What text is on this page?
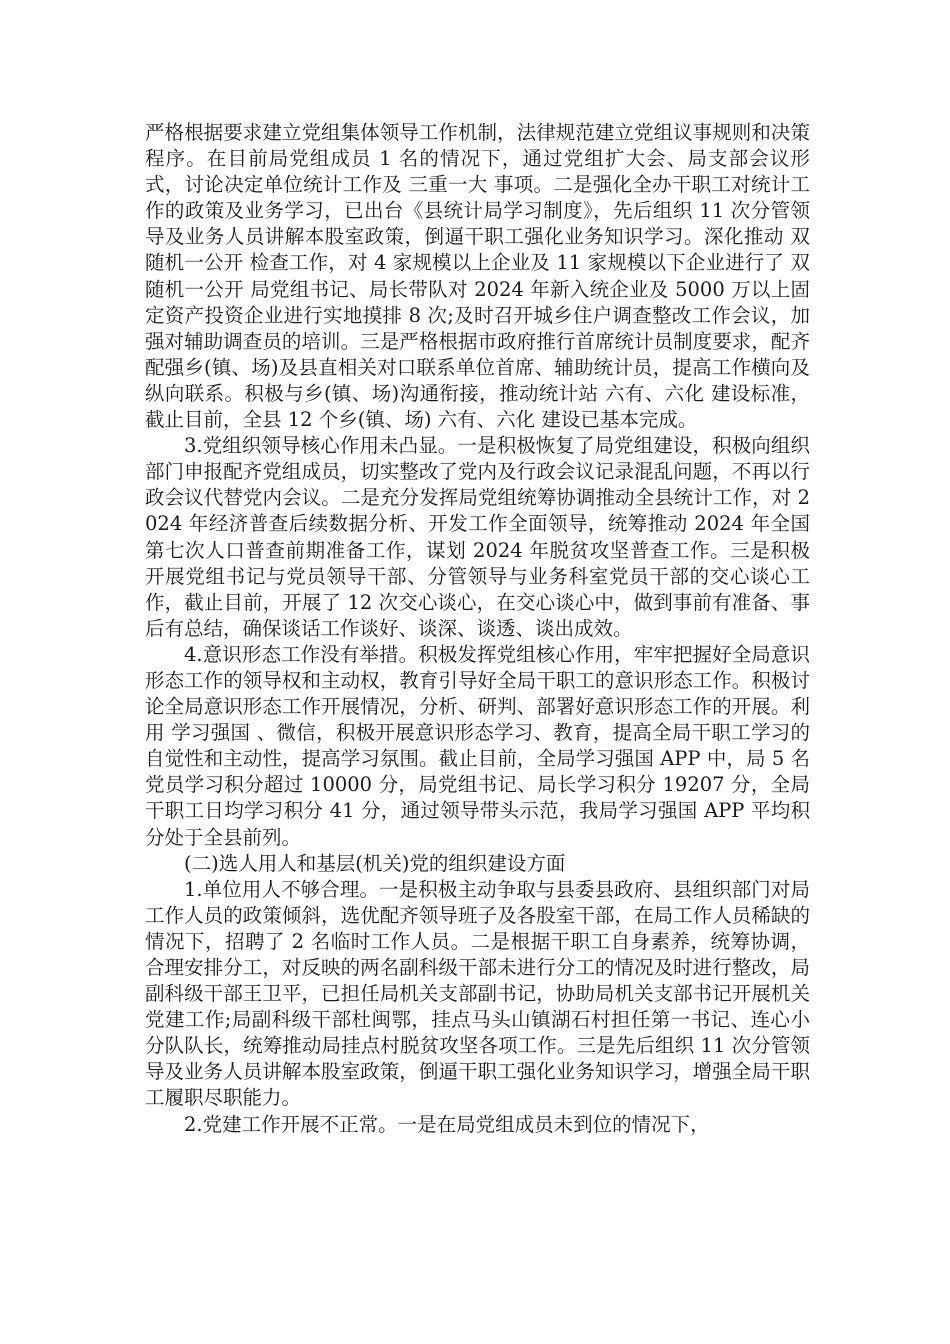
严格根据要求建立党组集体领导工作机制，法律规范建立党组议事规则和决策程序。在目前局党组成员 1 名的情况下，通过党组扩大会、局支部会议形式，讨论决定单位统计工作及 三重一大 事项。二是强化全办干职工对统计工作的政策及业务学习，已出台《县统计局学习制度》，先后组织 11 次分管领导及业务人员讲解本股室政策，倒逼干职工强化业务知识学习。深化推动 双随机一公开 检查工作，对 4 家规模以上企业及 11 家规模以下企业进行了 双随机一公开 局党组书记、局长带队对 2024 年新入统企业及 5000 万以上固定资产投资企业进行实地摸排 8 次;及时召开城乡住户调查整改工作会议，加强对辅助调查员的培训。三是严格根据市政府推行首席统计员制度要求，配齐配强乡(镇、场)及县直相关对口联系单位首席、辅助统计员，提高工作横向及纵向联系。积极与乡(镇、场)沟通衔接，推动统计站 六有、六化 建设标准，截止目前，全县 12 个乡(镇、场) 六有、六化 建设已基本完成。

3.党组织领导核心作用未凸显。一是积极恢复了局党组建设，积极向组织部门申报配齐党组成员，切实整改了党内及行政会议记录混乱问题，不再以行政会议代替党内会议。二是充分发挥局党组统筹协调推动全县统计工作，对 2024 年经济普查后续数据分析、开发工作全面领导，统筹推动 2024 年全国第七次人口普查前期准备工作，谋划 2024 年脱贫攻坚普查工作。三是积极开展党组书记与党员领导干部、分管领导与业务科室党员干部的交心谈心工作，截止目前，开展了 12 次交心谈心，在交心谈心中，做到事前有准备、事后有总结，确保谈话工作谈好、谈深、谈透、谈出成效。

4.意识形态工作没有举措。积极发挥党组核心作用，牢牢把握好全局意识形态工作的领导权和主动权，教育引导好全局干职工的意识形态工作。积极讨论全局意识形态工作开展情况，分析、研判、部署好意识形态工作的开展。利用 学习强国 、微信，积极开展意识形态学习、教育，提高全局干职工学习的自觉性和主动性，提高学习氛围。截止目前，全局学习强国 APP 中，局 5 名党员学习积分超过 10000 分，局党组书记、局长学习积分 19207 分，全局干职工日均学习积分 41 分，通过领导带头示范，我局学习强国 APP 平均积分处于全县前列。

(二)选人用人和基层(机关)党的组织建设方面

1.单位用人不够合理。一是积极主动争取与县委县政府、县组织部门对局工作人员的政策倾斜，选优配齐领导班子及各股室干部，在局工作人员稀缺的情况下，招聘了 2 名临时工作人员。二是根据干职工自身素养，统筹协调，合理安排分工，对反映的两名副科级干部未进行分工的情况及时进行整改，局副科级干部王卫平，已担任局机关支部副书记，协助局机关支部书记开展机关党建工作;局副科级干部杜闽鄂，挂点马头山镇湖石村担任第一书记、连心小分队队长，统筹推动局挂点村脱贫攻坚各项工作。三是先后组织 11 次分管领导及业务人员讲解本股室政策，倒逼干职工强化业务知识学习，增强全局干职工履职尽职能力。

2.党建工作开展不正常。一是在局党组成员未到位的情况下，
